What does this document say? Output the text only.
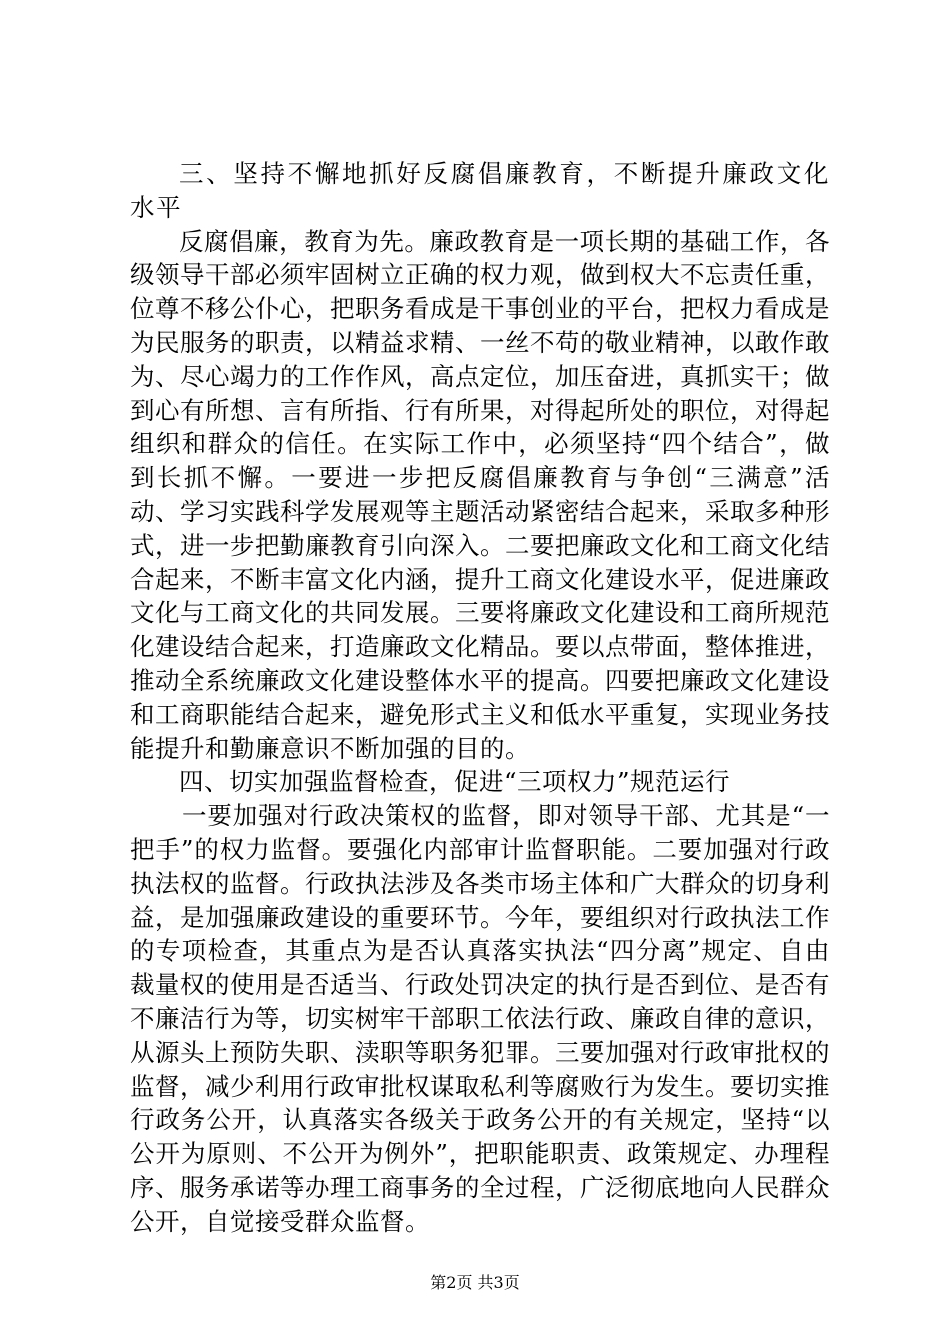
三、坚持不懈地抓好反腐倡廉教育，不断提升廉政文化水平

反腐倡廉，教育为先。廉政教育是一项长期的基础工作，各级领导干部必须牢固树立正确的权力观，做到权大不忘责任重，位尊不移公仆心，把职务看成是干事创业的平台，把权力看成是为民服务的职责，以精益求精、一丝不苟的敬业精神，以敢作敢为、尽心竭力的工作作风，高点定位，加压奋进，真抓实干；做到心有所想、言有所指、行有所果，对得起所处的职位，对得起组织和群众的信任。在实际工作中，必须坚持“四个结合”，做到长抓不懈。一要进一步把反腐倡廉教育与争创“三满意”活动、学习实践科学发展观等主题活动紧密结合起来，采取多种形式，进一步把勤廉教育引向深入。二要把廉政文化和工商文化结合起来，不断丰富文化内涵，提升工商文化建设水平，促进廉政文化与工商文化的共同发展。三要将廉政文化建设和工商所规范化建设结合起来，打造廉政文化精品。要以点带面，整体推进，推动全系统廉政文化建设整体水平的提高。四要把廉政文化建设和工商职能结合起来，避免形式主义和低水平重复，实现业务技能提升和勤廉意识不断加强的目的。

四、切实加强监督检查，促进“三项权力”规范运行

一要加强对行政决策权的监督，即对领导干部、尤其是“一把手”的权力监督。要强化内部审计监督职能。二要加强对行政执法权的监督。行政执法涉及各类市场主体和广大群众的切身利益，是加强廉政建设的重要环节。今年，要组织对行政执法工作的专项检查，其重点为是否认真落实执法“四分离”规定、自由裁量权的使用是否适当、行政处罚决定的执行是否到位、是否有不廉洁行为等，切实树牢干部职工依法行政、廉政自律的意识，从源头上预防失职、渎职等职务犯罪。三要加强对行政审批权的监督，减少利用行政审批权谋取私利等腐败行为发生。要切实推行政务公开，认真落实各级关于政务公开的有关规定，坚持“以公开为原则、不公开为例外”，把职能职责、政策规定、办理程序、服务承诺等办理工商事务的全过程，广泛彻底地向人民群众公开，自觉接受群众监督。

第2页 共3页
